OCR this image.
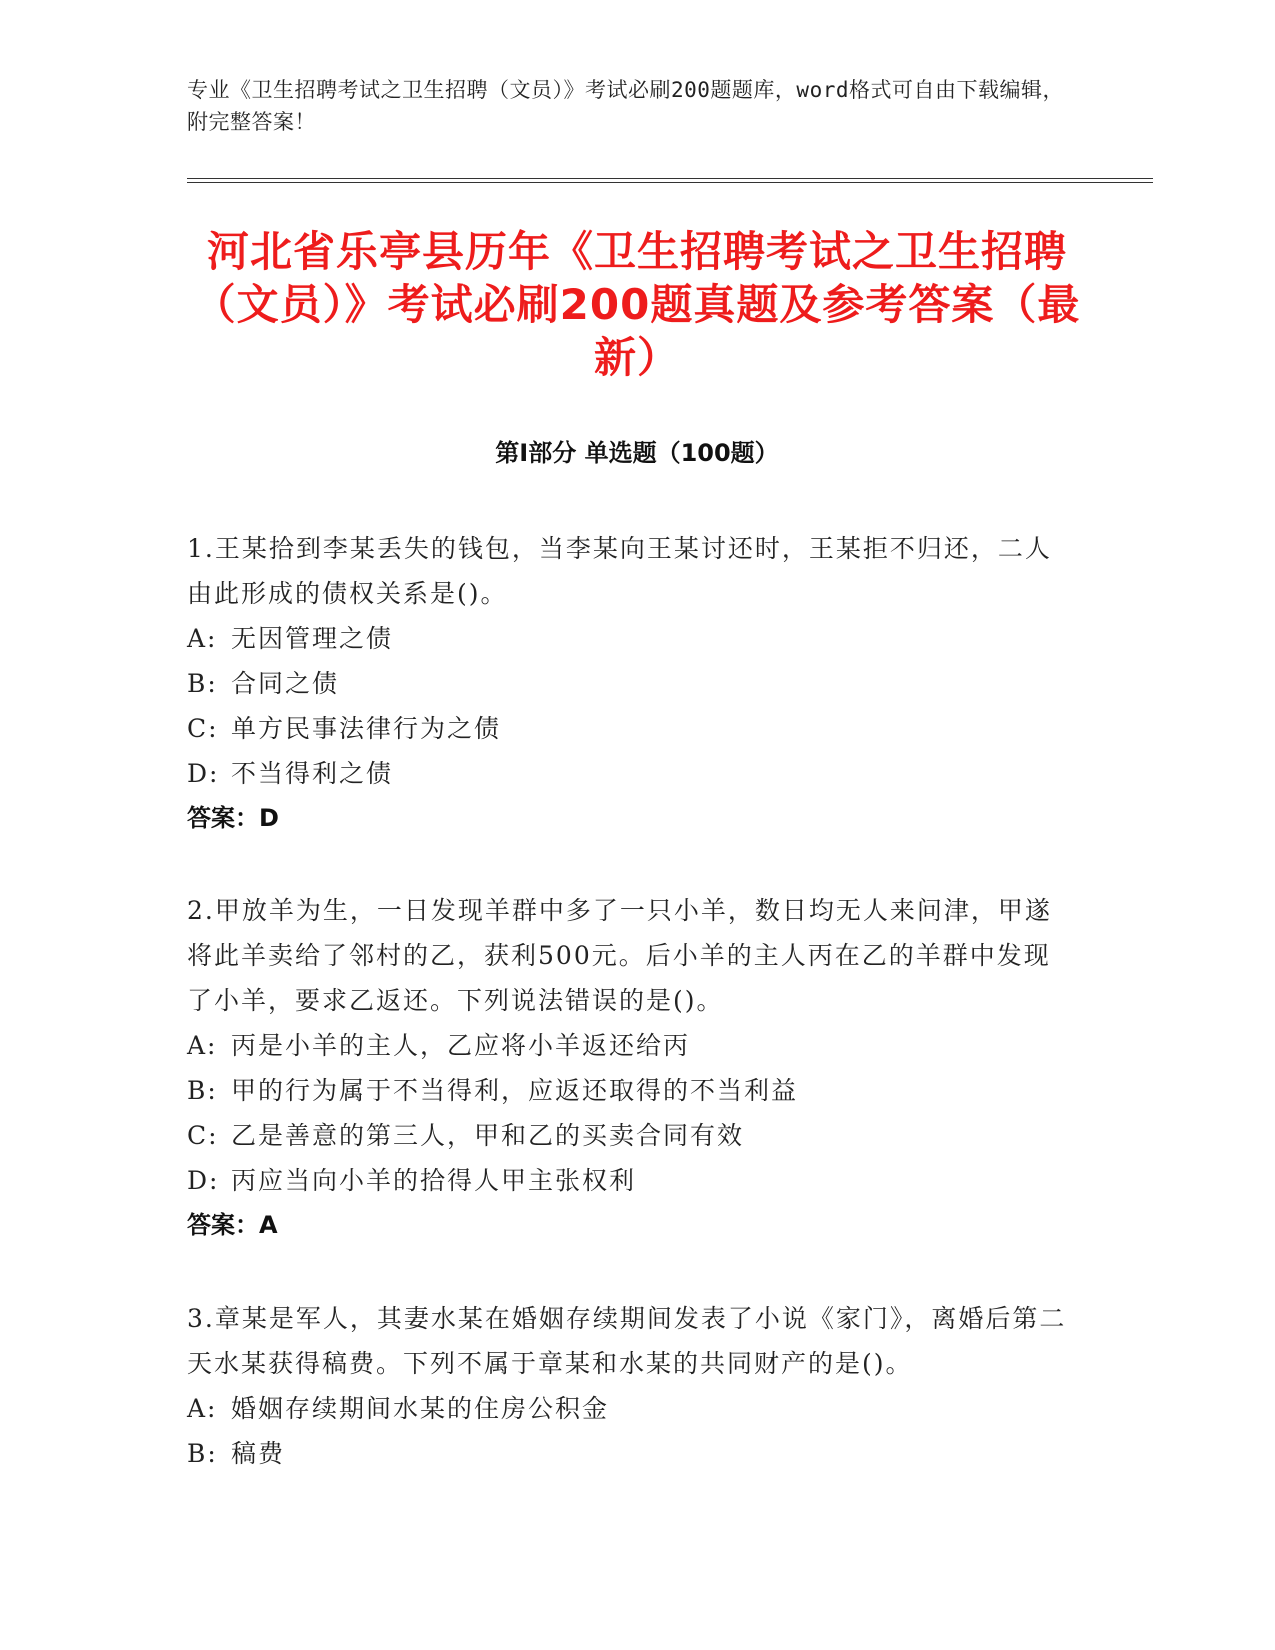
专业《卫生招聘考试之卫生招聘（文员）》考试必刷200题题库，word格式可自由下载编辑，附完整答案！
河北省乐亭县历年《卫生招聘考试之卫生招聘（文员）》考试必刷200题真题及参考答案（最新）
第Ⅰ部分 单选题（100题）
1.王某拾到李某丢失的钱包，当李某向王某讨还时，王某拒不归还，二人由此形成的债权关系是()。
A: 无因管理之债
B: 合同之债
C: 单方民事法律行为之债
D: 不当得利之债
答案：D
2.甲放羊为生，一日发现羊群中多了一只小羊，数日均无人来问津，甲遂将此羊卖给了邻村的乙，获利500元。后小羊的主人丙在乙的羊群中发现了小羊，要求乙返还。下列说法错误的是()。
A: 丙是小羊的主人，乙应将小羊返还给丙
B: 甲的行为属于不当得利，应返还取得的不当利益
C: 乙是善意的第三人，甲和乙的买卖合同有效
D: 丙应当向小羊的拾得人甲主张权利
答案：A
3.章某是军人，其妻水某在婚姻存续期间发表了小说《家门》，离婚后第二天水某获得稿费。下列不属于章某和水某的共同财产的是()。
A: 婚姻存续期间水某的住房公积金
B: 稿费
